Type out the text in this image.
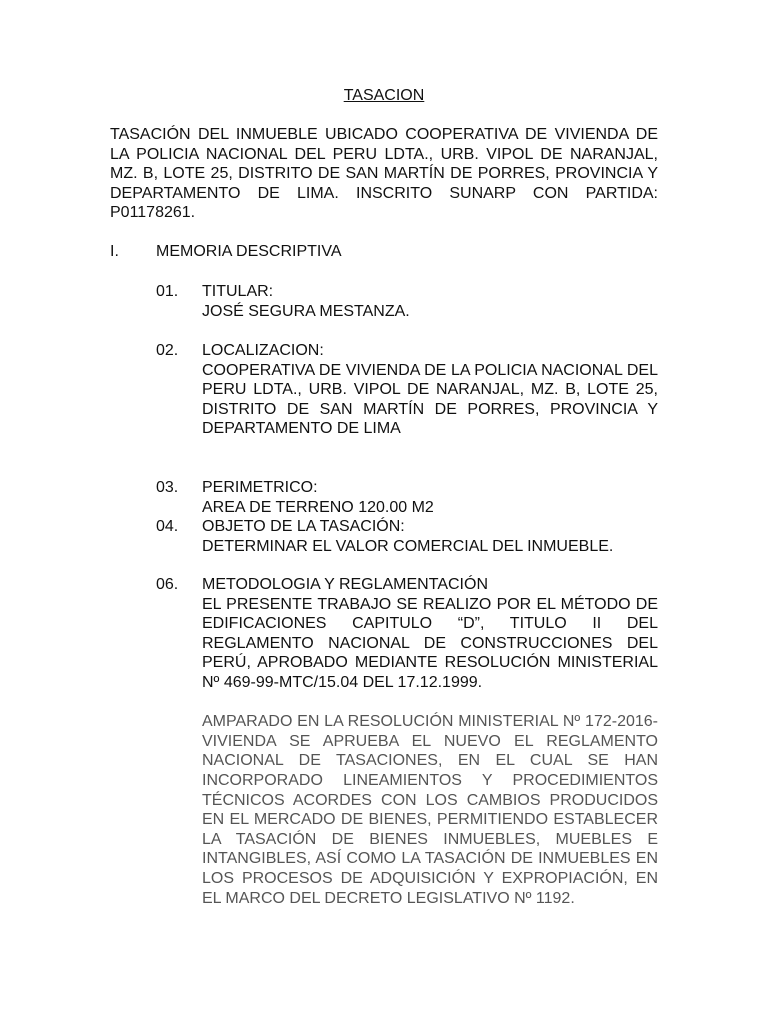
TASACION
TASACIÓN DEL INMUEBLE UBICADO COOPERATIVA DE VIVIENDA DE LA POLICIA NACIONAL DEL PERU LDTA., URB. VIPOL DE NARANJAL, MZ. B, LOTE 25, DISTRITO DE SAN MARTÍN DE PORRES, PROVINCIA Y DEPARTAMENTO DE LIMA. INSCRITO SUNARP CON PARTIDA: P01178261.
I. MEMORIA DESCRIPTIVA
01. TITULAR:
JOSÉ SEGURA MESTANZA.
02. LOCALIZACION:
COOPERATIVA DE VIVIENDA DE LA POLICIA NACIONAL DEL PERU LDTA., URB. VIPOL DE NARANJAL, MZ. B, LOTE 25, DISTRITO DE SAN MARTÍN DE PORRES, PROVINCIA Y DEPARTAMENTO DE LIMA
03. PERIMETRICO:
AREA DE TERRENO 120.00 M2
04. OBJETO DE LA TASACIÓN:
DETERMINAR EL VALOR COMERCIAL DEL INMUEBLE.
06. METODOLOGIA Y REGLAMENTACIÓN
EL PRESENTE TRABAJO SE REALIZO POR EL MÉTODO DE EDIFICACIONES CAPITULO “D”, TITULO II DEL REGLAMENTO NACIONAL DE CONSTRUCCIONES DEL PERÚ, APROBADO MEDIANTE RESOLUCIÓN MINISTERIAL Nº 469-99-MTC/15.04 DEL 17.12.1999.
AMPARADO EN LA RESOLUCIÓN MINISTERIAL Nº 172-2016-VIVIENDA SE APRUEBA EL NUEVO EL REGLAMENTO NACIONAL DE TASACIONES, EN EL CUAL SE HAN INCORPORADO LINEAMIENTOS Y PROCEDIMIENTOS TÉCNICOS ACORDES CON LOS CAMBIOS PRODUCIDOS EN EL MERCADO DE BIENES, PERMITIENDO ESTABLECER LA TASACIÓN DE BIENES INMUEBLES, MUEBLES E INTANGIBLES, ASÍ COMO LA TASACIÓN DE INMUEBLES EN LOS PROCESOS DE ADQUISICIÓN Y EXPROPIACIÓN, EN EL MARCO DEL DECRETO LEGISLATIVO Nº 1192.
